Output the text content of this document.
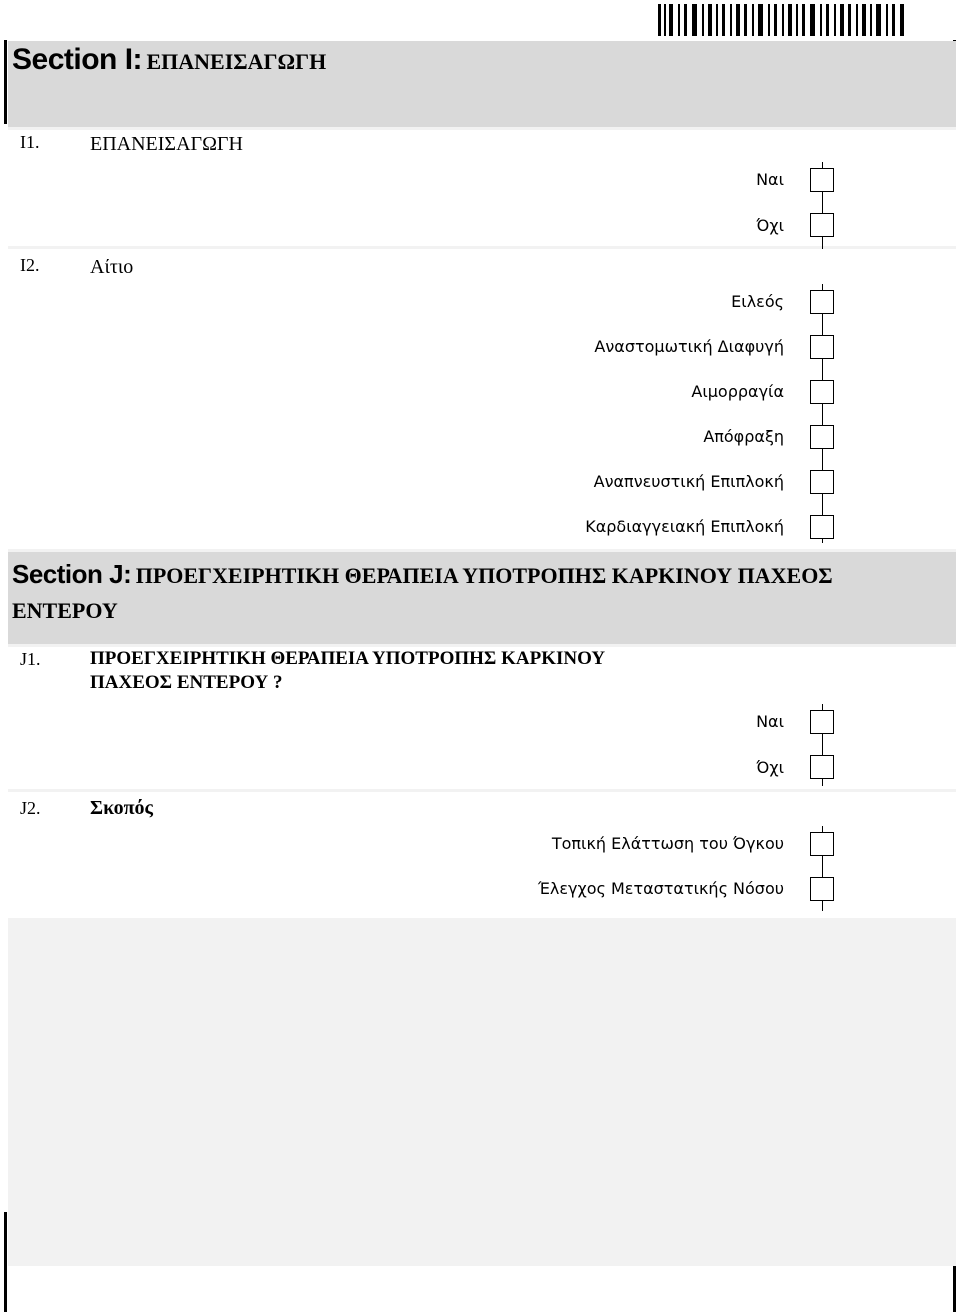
Section I: ΕΠΑΝΕΙΣΑΓΩΓΗ
I1.	ΕΠΑΝΕΙΣΑΓΩΓΗ
Ναι
Όχι
I2.	Αίτιο
Ειλεός
Αναστομωτική Διαφυγή
Αιμορραγία
Απόφραξη
Αναπνευστική Επιπλοκή
Καρδιαγγειακή Επιπλοκή
Section J: ΠΡΟΕΓΧΕΙΡΗΤΙΚΗ ΘΕΡΑΠΕΙΑ ΥΠΟΤΡΟΠΗΣ ΚΑΡΚΙΝΟΥ ΠΑΧΕΟΣ
ΕΝΤΕΡΟΥ
J1.	ΠΡΟΕΓΧΕΙΡΗΤΙΚΗ ΘΕΡΑΠΕΙΑ ΥΠΟΤΡΟΠΗΣ ΚΑΡΚΙΝΟΥ
ΠΑΧΕΟΣ ΕΝΤΕΡΟΥ ?
Ναι
Όχι
J2. Σκοπός
Τοπική Ελάττωση του Όγκου
Έλεγχος Μεταστατικής Νόσου
